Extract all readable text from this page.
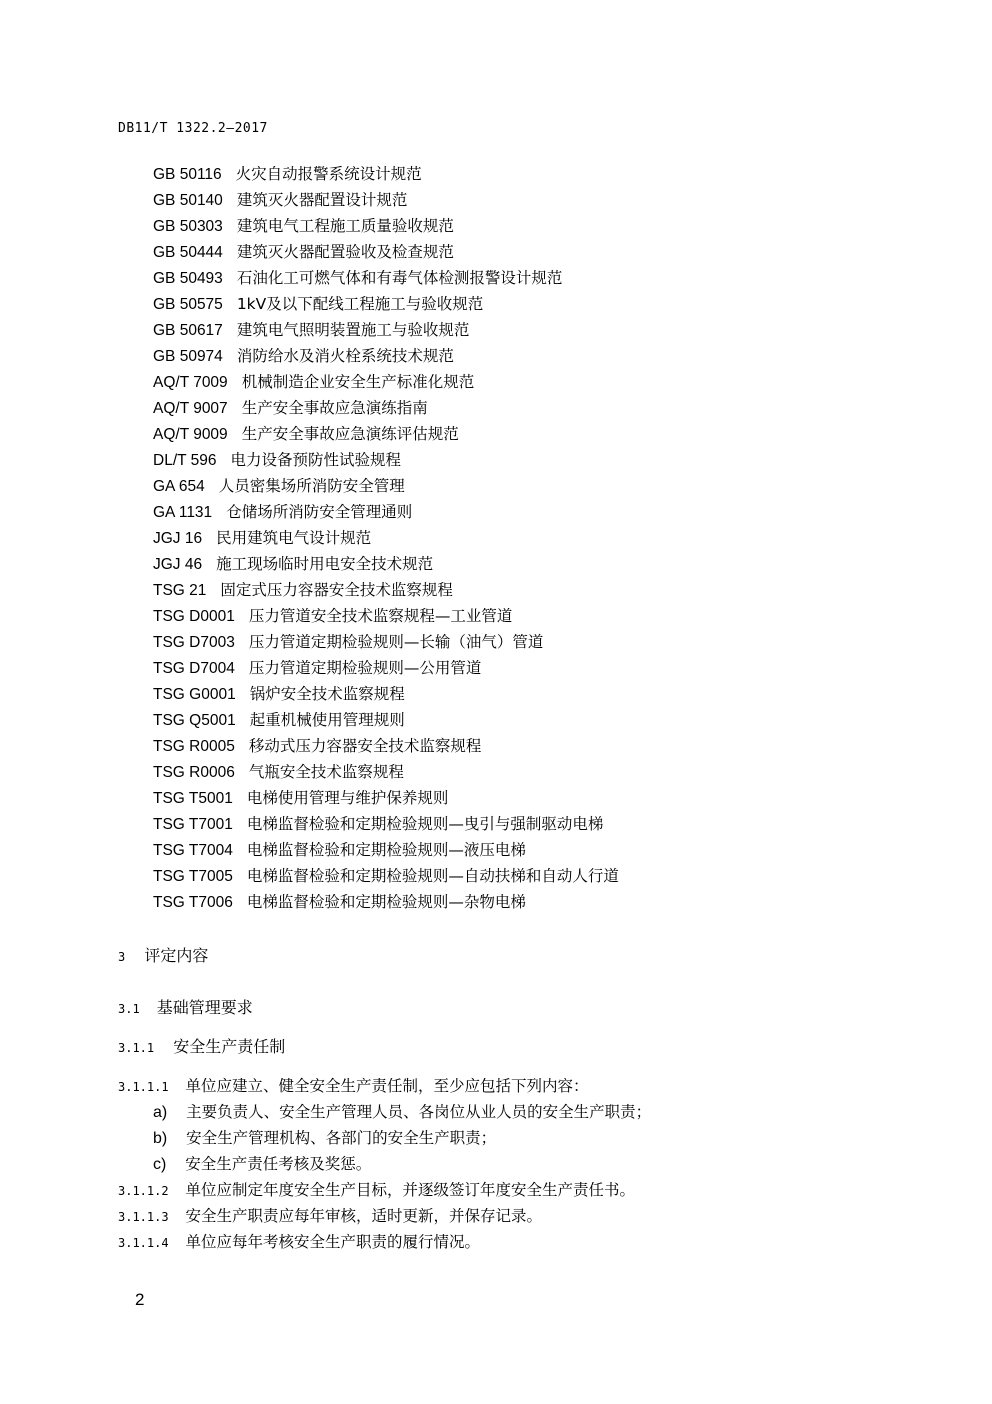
DB11/T 1322.2—2017
GB 50116 火灾自动报警系统设计规范
GB 50140 建筑灭火器配置设计规范
GB 50303 建筑电气工程施工质量验收规范
GB 50444 建筑灭火器配置验收及检查规范
GB 50493 石油化工可燃气体和有毒气体检测报警设计规范
GB 50575 1kV及以下配线工程施工与验收规范
GB 50617 建筑电气照明装置施工与验收规范
GB 50974 消防给水及消火栓系统技术规范
AQ/T 7009 机械制造企业安全生产标准化规范
AQ/T 9007 生产安全事故应急演练指南
AQ/T 9009 生产安全事故应急演练评估规范
DL/T 596 电力设备预防性试验规程
GA 654 人员密集场所消防安全管理
GA 1131 仓储场所消防安全管理通则
JGJ 16 民用建筑电气设计规范
JGJ 46 施工现场临时用电安全技术规范
TSG 21 固定式压力容器安全技术监察规程
TSG D0001 压力管道安全技术监察规程—工业管道
TSG D7003 压力管道定期检验规则—长输（油气）管道
TSG D7004 压力管道定期检验规则—公用管道
TSG G0001 锅炉安全技术监察规程
TSG Q5001 起重机械使用管理规则
TSG R0005 移动式压力容器安全技术监察规程
TSG R0006 气瓶安全技术监察规程
TSG T5001 电梯使用管理与维护保养规则
TSG T7001 电梯监督检验和定期检验规则—曳引与强制驱动电梯
TSG T7004 电梯监督检验和定期检验规则—液压电梯
TSG T7005 电梯监督检验和定期检验规则—自动扶梯和自动人行道
TSG T7006 电梯监督检验和定期检验规则—杂物电梯
3 评定内容
3.1 基础管理要求
3.1.1 安全生产责任制
3.1.1.1 单位应建立、健全安全生产责任制，至少应包括下列内容：
a) 主要负责人、安全生产管理人员、各岗位从业人员的安全生产职责；
b) 安全生产管理机构、各部门的安全生产职责；
c) 安全生产责任考核及奖惩。
3.1.1.2 单位应制定年度安全生产目标，并逐级签订年度安全生产责任书。
3.1.1.3 安全生产职责应每年审核，适时更新，并保存记录。
3.1.1.4 单位应每年考核安全生产职责的履行情况。
2
